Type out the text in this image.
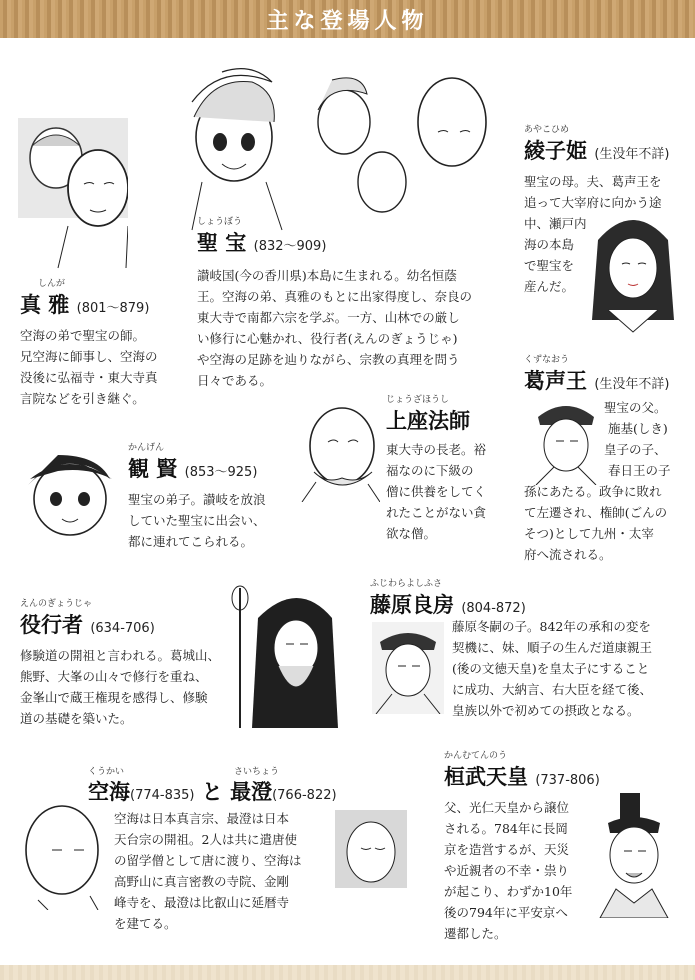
主な登場人物
しょうぼう
聖 宝 (832〜909)
讃岐国(今の香川県)本島に生まれる。幼名恒蔭
王。空海の弟、真雅のもとに出家得度し、奈良の
東大寺で南都六宗を学ぶ。一方、山林での厳し
い修行に心魅かれ、役行者(えんのぎょうじゃ)
や空海の足跡を辿りながら、宗教の真理を問う
日々である。
しんが
真 雅 (801〜879)
空海の弟で聖宝の師。
兄空海に師事し、空海の
没後に弘福寺・東大寺真
言院などを引き継ぐ。
あやこひめ
綾子姫 (生没年不詳)
聖宝の母。夫、葛声王を
追って大宰府に向かう途
中、瀬戸内
海の本島
で聖宝を
産んだ。
くずなおう
葛声王 (生没年不詳)
聖宝の父。
施基(しき)
皇子の子、
春日王の子
孫にあたる。政争に敗れ
て左遷され、権帥(ごんの
そつ)として九州・太宰
府へ流される。
かんげん
観 賢 (853〜925)
聖宝の弟子。讃岐を放浪
していた聖宝に出会い、
都に連れてこられる。
じょうざほうし
上座法師
東大寺の長老。裕
福なのに下級の
僧に供養をしてく
れたことがない貪
欲な僧。
えんのぎょうじゃ
役行者 (634-706)
修験道の開祖と言われる。葛城山、
熊野、大峯の山々で修行を重ね、
金峯山で蔵王権現を感得し、修験
道の基礎を築いた。
ふじわらよしふさ
藤原良房 (804-872)
藤原冬嗣の子。842年の承和の変を
契機に、妹、順子の生んだ道康親王
(後の文徳天皇)を皇太子にすること
に成功、大納言、右大臣を経て後、
皇族以外で初めての摂政となる。
くうかい	さいちょう
空海(774-835) と 最澄(766-822)
空海は日本真言宗、最澄は日本
天台宗の開祖。2人は共に遣唐使
の留学僧として唐に渡り、空海は
高野山に真言密教の寺院、金剛
峰寺を、最澄は比叡山に延暦寺
を建てる。
かんむてんのう
桓武天皇 (737-806)
父、光仁天皇から譲位
される。784年に長岡
京を造営するが、天災
や近親者の不幸・祟り
が起こり、わずか10年
後の794年に平安京へ
遷都した。
